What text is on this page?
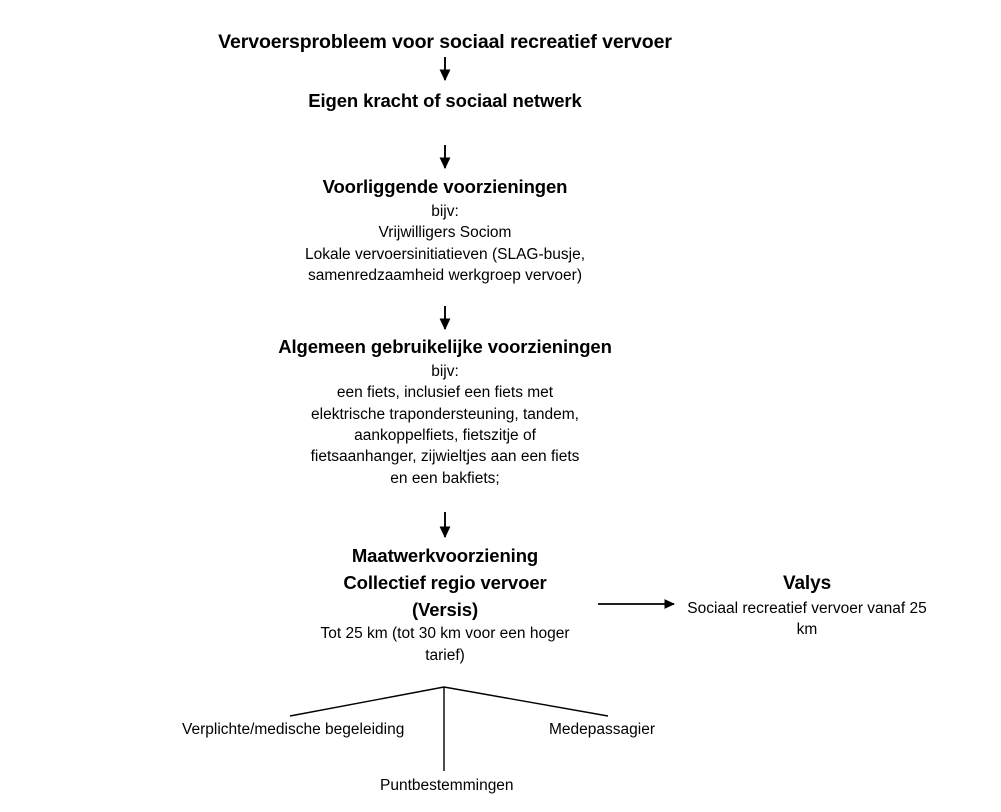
Vervoersprobleem voor sociaal recreatief vervoer
Eigen kracht of sociaal netwerk
Voorliggende voorzieningen
bijv:
Vrijwilligers Sociom
Lokale vervoersinitiatieven (SLAG-busje,
samenredzaamheid werkgroep vervoer)
Algemeen gebruikelijke voorzieningen
bijv:
een fiets, inclusief een fiets met
elektrische trapondersteuning, tandem,
aankoppelfiets, fietszitje of
fietsaanhanger, zijwieltjes aan een fiets
en een bakfiets;
Maatwerkvoorziening
Collectief regio vervoer
(Versis)
Tot 25 km (tot 30 km voor een hoger
tarief)
Valys
Sociaal recreatief vervoer vanaf 25
km
Verplichte/medische begeleiding
Puntbestemmingen
Medepassagier
